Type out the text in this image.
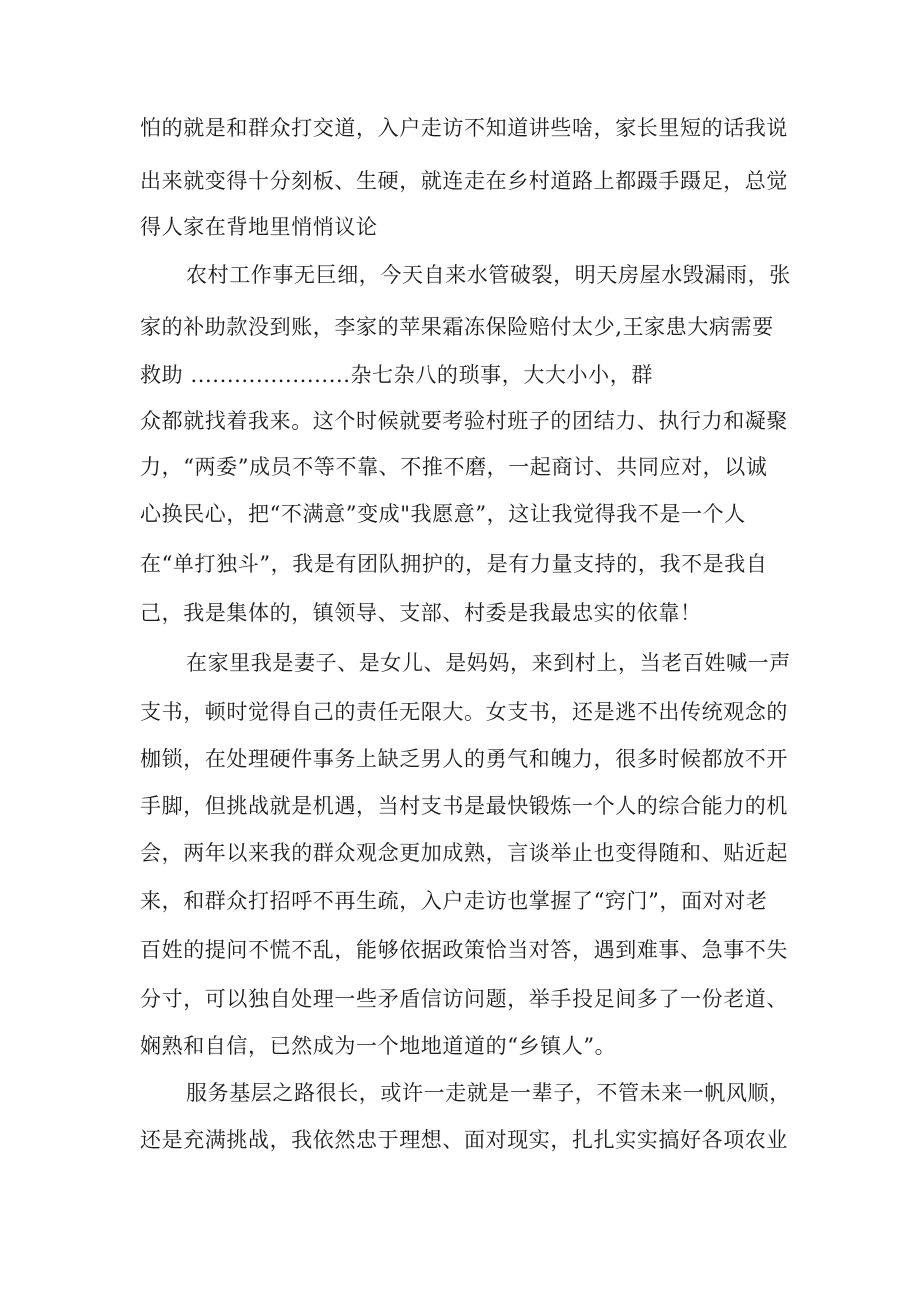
怕的就是和群众打交道，入户走访不知道讲些啥，家长里短的话我说
出来就变得十分刻板、生硬，就连走在乡村道路上都蹑手蹑足，总觉
得人家在背地里悄悄议论
农村工作事无巨细，今天自来水管破裂，明天房屋水毁漏雨，张
家的补助款没到账，李家的苹果霜冻保险赔付太少,王家患大病需要
救助 ......................杂七杂八的琐事，大大小小，群
众都就找着我来。这个时候就要考验村班子的团结力、执行力和凝聚
力，“两委”成员不等不靠、不推不磨，一起商讨、共同应对，以诚
心换民心，把“不满意”变成"我愿意”，这让我觉得我不是一个人
在“单打独斗”，我是有团队拥护的，是有力量支持的，我不是我自
己，我是集体的，镇领导、支部、村委是我最忠实的依靠！
在家里我是妻子、是女儿、是妈妈，来到村上，当老百姓喊一声
支书，顿时觉得自己的责任无限大。女支书，还是逃不出传统观念的
枷锁，在处理硬件事务上缺乏男人的勇气和魄力，很多时候都放不开
手脚，但挑战就是机遇，当村支书是最快锻炼一个人的综合能力的机
会，两年以来我的群众观念更加成熟，言谈举止也变得随和、贴近起
来，和群众打招呼不再生疏，入户走访也掌握了“窍门”，面对对老
百姓的提问不慌不乱，能够依据政策恰当对答，遇到难事、急事不失
分寸，可以独自处理一些矛盾信访问题，举手投足间多了一份老道、
娴熟和自信，已然成为一个地地道道的“乡镇人”。
服务基层之路很长，或许一走就是一辈子，不管未来一帆风顺，
还是充满挑战，我依然忠于理想、面对现实，扎扎实实搞好各项农业
